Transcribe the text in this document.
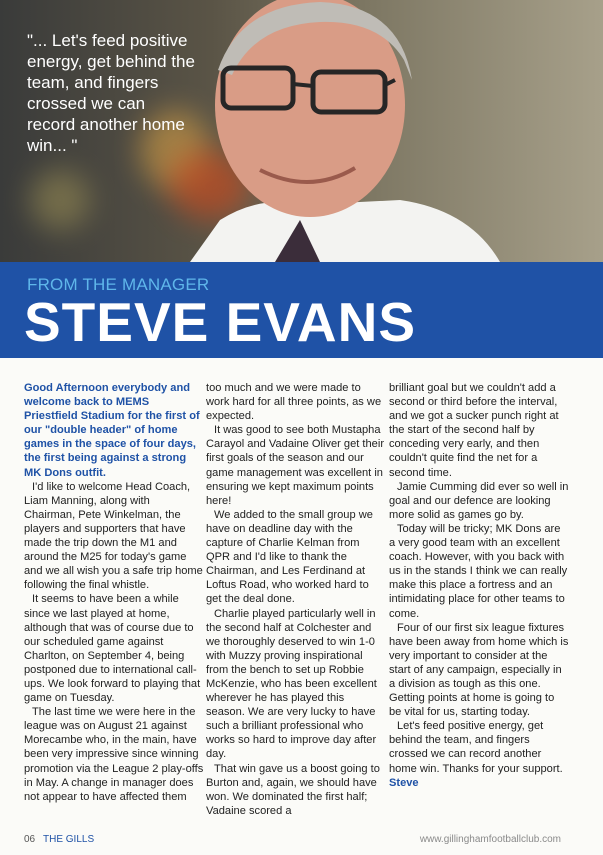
"... Let's feed positive energy, get behind the team, and fingers crossed we can record another home win... "
FROM THE MANAGER
STEVE EVANS

Good Afternoon everybody and welcome back to MEMS Priestfield Stadium for the first of our "double header" of home games in the space of four days, the first being against a strong MK Dons outfit.

I'd like to welcome Head Coach, Liam Manning, along with Chairman, Pete Winkelman, the players and supporters that have made the trip down the M1 and around the M25 for today's game and we all wish you a safe trip home following the final whistle.

It seems to have been a while since we last played at home, although that was of course due to our scheduled game against Charlton, on September 4, being postponed due to international call-ups. We look forward to playing that game on Tuesday.

The last time we were here in the league was on August 21 against Morecambe who, in the main, have been very impressive since winning promotion via the League 2 play-offs in May. A change in manager does not appear to have affected them

too much and we were made to work hard for all three points, as we expected.

It was good to see both Mustapha Carayol and Vadaine Oliver get their first goals of the season and our game management was excellent in ensuring we kept maximum points here!

We added to the small group we have on deadline day with the capture of Charlie Kelman from QPR and I'd like to thank the Chairman, and Les Ferdinand at Loftus Road, who worked hard to get the deal done.

Charlie played particularly well in the second half at Colchester and we thoroughly deserved to win 1-0 with Muzzy proving inspirational from the bench to set up Robbie McKenzie, who has been excellent wherever he has played this season. We are very lucky to have such a brilliant professional who works so hard to improve day after day.

That win gave us a boost going to Burton and, again, we should have won. We dominated the first half; Vadaine scored a

brilliant goal but we couldn't add a second or third before the interval, and we got a sucker punch right at the start of the second half by conceding very early, and then couldn't quite find the net for a second time.

Jamie Cumming did ever so well in goal and our defence are looking more solid as games go by.

Today will be tricky; MK Dons are a very good team with an excellent coach. However, with you back with us in the stands I think we can really make this place a fortress and an intimidating place for other teams to come.

Four of our first six league fixtures have been away from home which is very important to consider at the start of any campaign, especially in a division as tough as this one. Getting points at home is going to be vital for us, starting today.

Let's feed positive energy, get behind the team, and fingers crossed we can record another home win. Thanks for your support. Steve

06 THE GILLS	www.gillinghamfootballclub.com
